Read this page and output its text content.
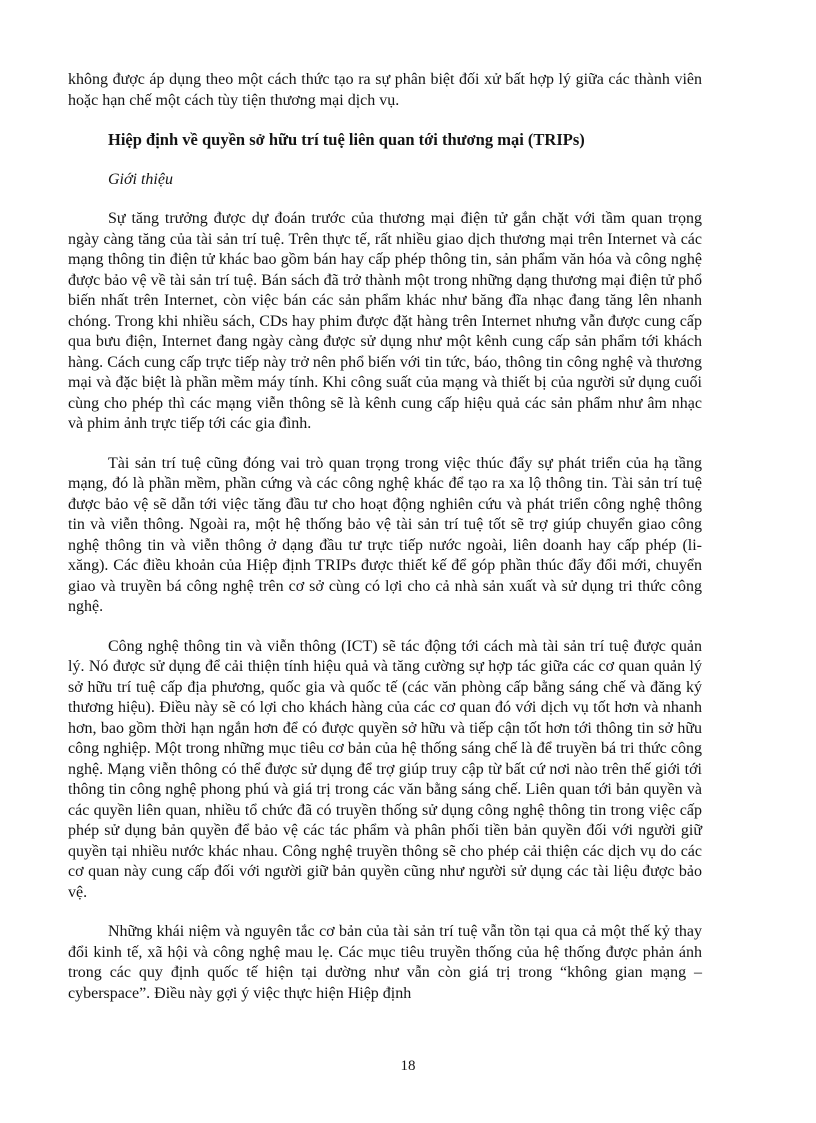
không được áp dụng theo một cách thức tạo ra sự phân biệt đối xử bất hợp lý giữa các thành viên hoặc hạn chế một cách tùy tiện thương mại dịch vụ.

Hiệp định về quyền sở hữu trí tuệ liên quan tới thương mại (TRIPs)

Giới thiệu

Sự tăng trưởng được dự đoán trước của thương mại điện tử gắn chặt với tầm quan trọng ngày càng tăng của tài sản trí tuệ. Trên thực tế, rất nhiều giao dịch thương mại trên Internet và các mạng thông tin điện tử khác bao gồm bán hay cấp phép thông tin, sản phẩm văn hóa và công nghệ được bảo vệ về tài sản trí tuệ. Bán sách đã trở thành một trong những dạng thương mại điện tử phổ biến nhất trên Internet, còn việc bán các sản phẩm khác như băng đĩa nhạc đang tăng lên nhanh chóng. Trong khi nhiều sách, CDs hay phim được đặt hàng trên Internet nhưng vẫn được cung cấp qua bưu điện, Internet đang ngày càng được sử dụng như một kênh cung cấp sản phẩm tới khách hàng. Cách cung cấp trực tiếp này trở nên phổ biến với tin tức, báo, thông tin công nghệ và thương mại và đặc biệt là phần mềm máy tính. Khi công suất của mạng và thiết bị của người sử dụng cuối cùng cho phép thì các mạng viễn thông sẽ là kênh cung cấp hiệu quả các sản phẩm như âm nhạc và phim ảnh trực tiếp tới các gia đình.

Tài sản trí tuệ cũng đóng vai trò quan trọng trong việc thúc đẩy sự phát triển của hạ tầng mạng, đó là phần mềm, phần cứng và các công nghệ khác để tạo ra xa lộ thông tin. Tài sản trí tuệ được bảo vệ sẽ dẫn tới việc tăng đầu tư cho hoạt động nghiên cứu và phát triển công nghệ thông tin và viễn thông. Ngoài ra, một hệ thống bảo vệ tài sản trí tuệ tốt sẽ trợ giúp chuyển giao công nghệ thông tin và viễn thông ở dạng đầu tư trực tiếp nước ngoài, liên doanh hay cấp phép (li- xăng). Các điều khoản của Hiệp định TRIPs được thiết kế để góp phần thúc đẩy đổi mới, chuyển giao và truyền bá công nghệ trên cơ sở cùng có lợi cho cả nhà sản xuất và sử dụng tri thức công nghệ.

Công nghệ thông tin và viễn thông (ICT) sẽ tác động tới cách mà tài sản trí tuệ được quản lý. Nó được sử dụng để cải thiện tính hiệu quả và tăng cường sự hợp tác giữa các cơ quan quản lý sở hữu trí tuệ cấp địa phương, quốc gia và quốc tế (các văn phòng cấp bằng sáng chế và đăng ký thương hiệu). Điều này sẽ có lợi cho khách hàng của các cơ quan đó với dịch vụ tốt hơn và nhanh hơn, bao gồm thời hạn ngắn hơn để có được quyền sở hữu và tiếp cận tốt hơn tới thông tin sở hữu công nghiệp. Một trong những mục tiêu cơ bản của hệ thống sáng chế là để truyền bá tri thức công nghệ. Mạng viễn thông có thể được sử dụng để trợ giúp truy cập từ bất cứ nơi nào trên thế giới tới thông tin công nghệ phong phú và giá trị trong các văn bằng sáng chế. Liên quan tới bản quyền và các quyền liên quan, nhiều tổ chức đã có truyền thống sử dụng công nghệ thông tin trong việc cấp phép sử dụng bản quyền để bảo vệ các tác phẩm và phân phối tiền bản quyền đối với người giữ quyền tại nhiều nước khác nhau. Công nghệ truyền thông sẽ cho phép cải thiện các dịch vụ do các cơ quan này cung cấp đối với người giữ bản quyền cũng như người sử dụng các tài liệu được bảo vệ.

Những khái niệm và nguyên tắc cơ bản của tài sản trí tuệ vẫn tồn tại qua cả một thế kỷ thay đổi kinh tế, xã hội và công nghệ mau lẹ. Các mục tiêu truyền thống của hệ thống được phản ánh trong các quy định quốc tế hiện tại dường như vẫn còn giá trị trong “không gian mạng – cyberspace”. Điều này gợi ý việc thực hiện Hiệp định

18
